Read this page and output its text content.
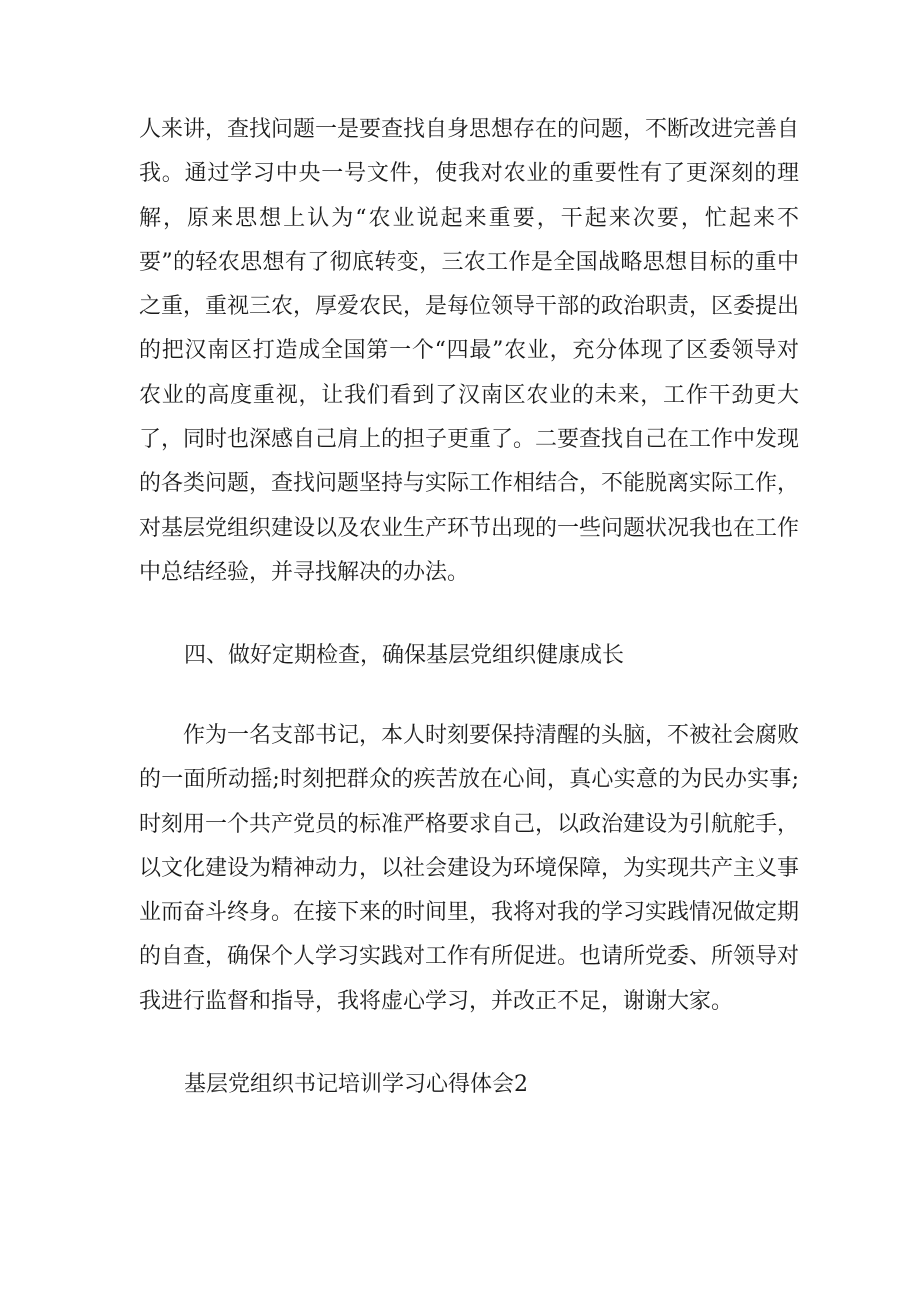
人来讲，查找问题一是要查找自身思想存在的问题，不断改进完善自我。通过学习中央一号文件，使我对农业的重要性有了更深刻的理解，原来思想上认为“农业说起来重要，干起来次要，忙起来不要”的轻农思想有了彻底转变，三农工作是全国战略思想目标的重中之重，重视三农，厚爱农民，是每位领导干部的政治职责，区委提出的把汉南区打造成全国第一个“四最”农业，充分体现了区委领导对农业的高度重视，让我们看到了汉南区农业的未来，工作干劲更大了，同时也深感自己肩上的担子更重了。二要查找自己在工作中发现的各类问题，查找问题坚持与实际工作相结合，不能脱离实际工作，对基层党组织建设以及农业生产环节出现的一些问题状况我也在工作中总结经验，并寻找解决的办法。

四、做好定期检查，确保基层党组织健康成长

作为一名支部书记，本人时刻要保持清醒的头脑，不被社会腐败的一面所动摇;时刻把群众的疾苦放在心间，真心实意的为民办实事;时刻用一个共产党员的标准严格要求自己，以政治建设为引航舵手，以文化建设为精神动力，以社会建设为环境保障，为实现共产主义事业而奋斗终身。在接下来的时间里，我将对我的学习实践情况做定期的自查，确保个人学习实践对工作有所促进。也请所党委、所领导对我进行监督和指导，我将虚心学习，并改正不足，谢谢大家。

基层党组织书记培训学习心得体会2
